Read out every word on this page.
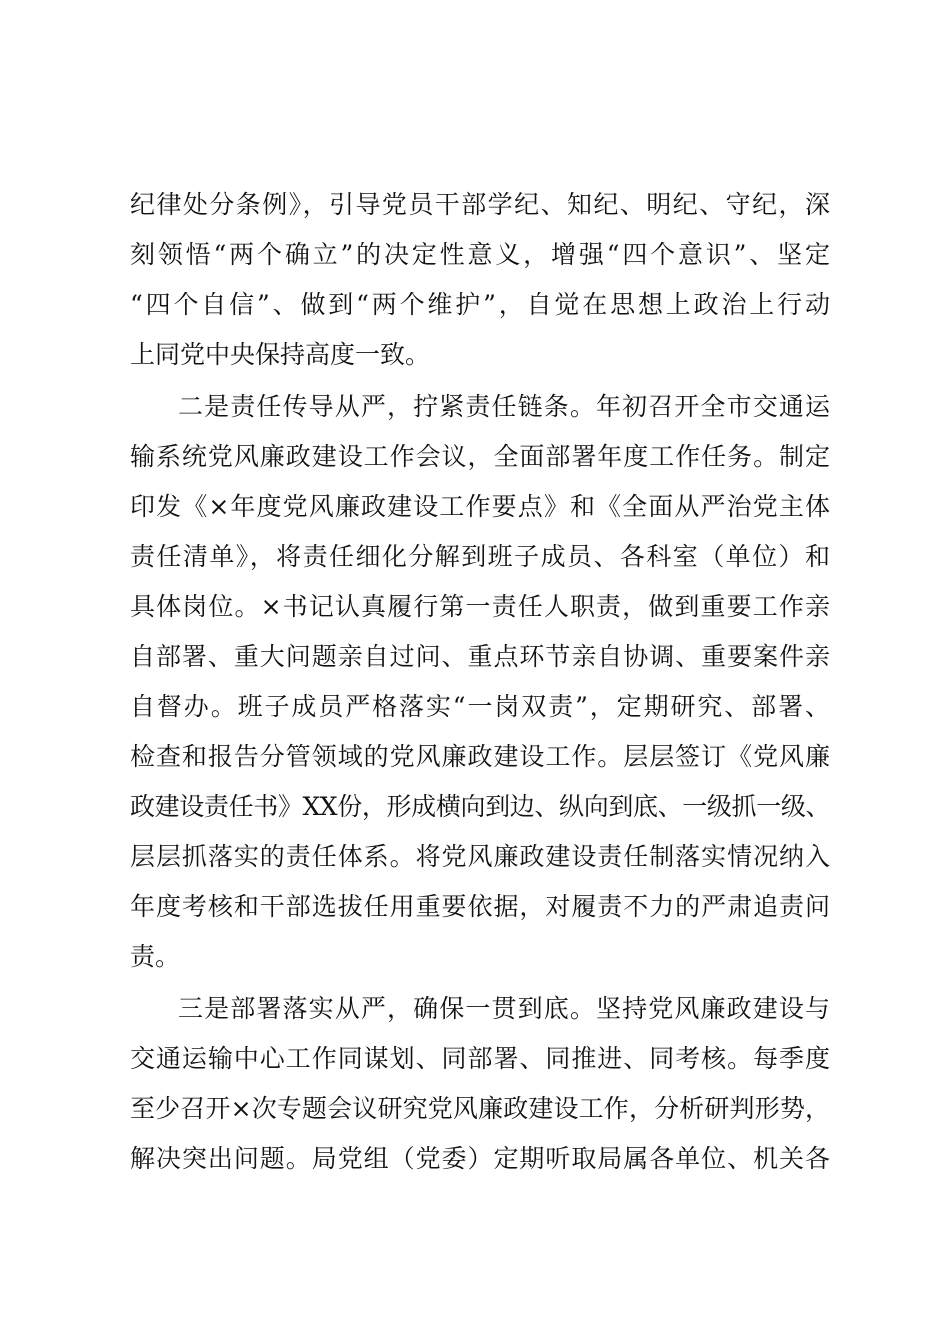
纪律处分条例》，引导党员干部学纪、知纪、明纪、守纪，深
刻领悟“两个确立”的决定性意义，增强“四个意识”、坚定
“四个自信”、做到“两个维护”，自觉在思想上政治上行动
上同党中央保持高度一致。
二是责任传导从严，拧紧责任链条。年初召开全市交通运
输系统党风廉政建设工作会议，全面部署年度工作任务。制定
印发《×年度党风廉政建设工作要点》和《全面从严治党主体
责任清单》，将责任细化分解到班子成员、各科室（单位）和
具体岗位。×书记认真履行第一责任人职责，做到重要工作亲
自部署、重大问题亲自过问、重点环节亲自协调、重要案件亲
自督办。班子成员严格落实“一岗双责”，定期研究、部署、
检查和报告分管领域的党风廉政建设工作。层层签订《党风廉
政建设责任书》XX份，形成横向到边、纵向到底、一级抓一级、
层层抓落实的责任体系。将党风廉政建设责任制落实情况纳入
年度考核和干部选拔任用重要依据，对履责不力的严肃追责问
责。
三是部署落实从严，确保一贯到底。坚持党风廉政建设与
交通运输中心工作同谋划、同部署、同推进、同考核。每季度
至少召开×次专题会议研究党风廉政建设工作，分析研判形势，
解决突出问题。局党组（党委）定期听取局属各单位、机关各
